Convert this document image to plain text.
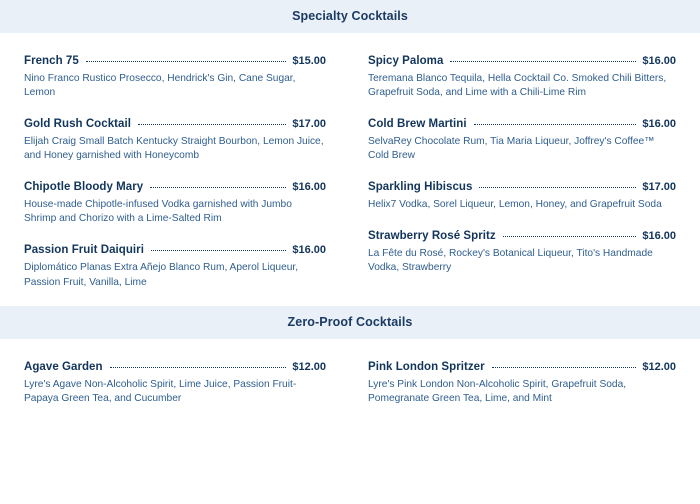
Specialty Cocktails
French 75	$15.00
Nino Franco Rustico Prosecco, Hendrick's Gin, Cane Sugar, Lemon
Gold Rush Cocktail	$17.00
Elijah Craig Small Batch Kentucky Straight Bourbon, Lemon Juice, and Honey garnished with Honeycomb
Chipotle Bloody Mary	$16.00
House-made Chipotle-infused Vodka garnished with Jumbo Shrimp and Chorizo with a Lime-Salted Rim
Passion Fruit Daiquiri	$16.00
Diplomático Planas Extra Añejo Blanco Rum, Aperol Liqueur, Passion Fruit, Vanilla, Lime
Spicy Paloma	$16.00
Teremana Blanco Tequila, Hella Cocktail Co. Smoked Chili Bitters, Grapefruit Soda, and Lime with a Chili-Lime Rim
Cold Brew Martini	$16.00
SelvaRey Chocolate Rum, Tia Maria Liqueur, Joffrey's Coffee™ Cold Brew
Sparkling Hibiscus	$17.00
Helix7 Vodka, Sorel Liqueur, Lemon, Honey, and Grapefruit Soda
Strawberry Rosé Spritz	$16.00
La Fête du Rosé, Rockey's Botanical Liqueur, Tito's Handmade Vodka, Strawberry
Zero-Proof Cocktails
Agave Garden	$12.00
Lyre's Agave Non-Alcoholic Spirit, Lime Juice, Passion Fruit-Papaya Green Tea, and Cucumber
Pink London Spritzer	$12.00
Lyre's Pink London Non-Alcoholic Spirit, Grapefruit Soda, Pomegranate Green Tea, Lime, and Mint
